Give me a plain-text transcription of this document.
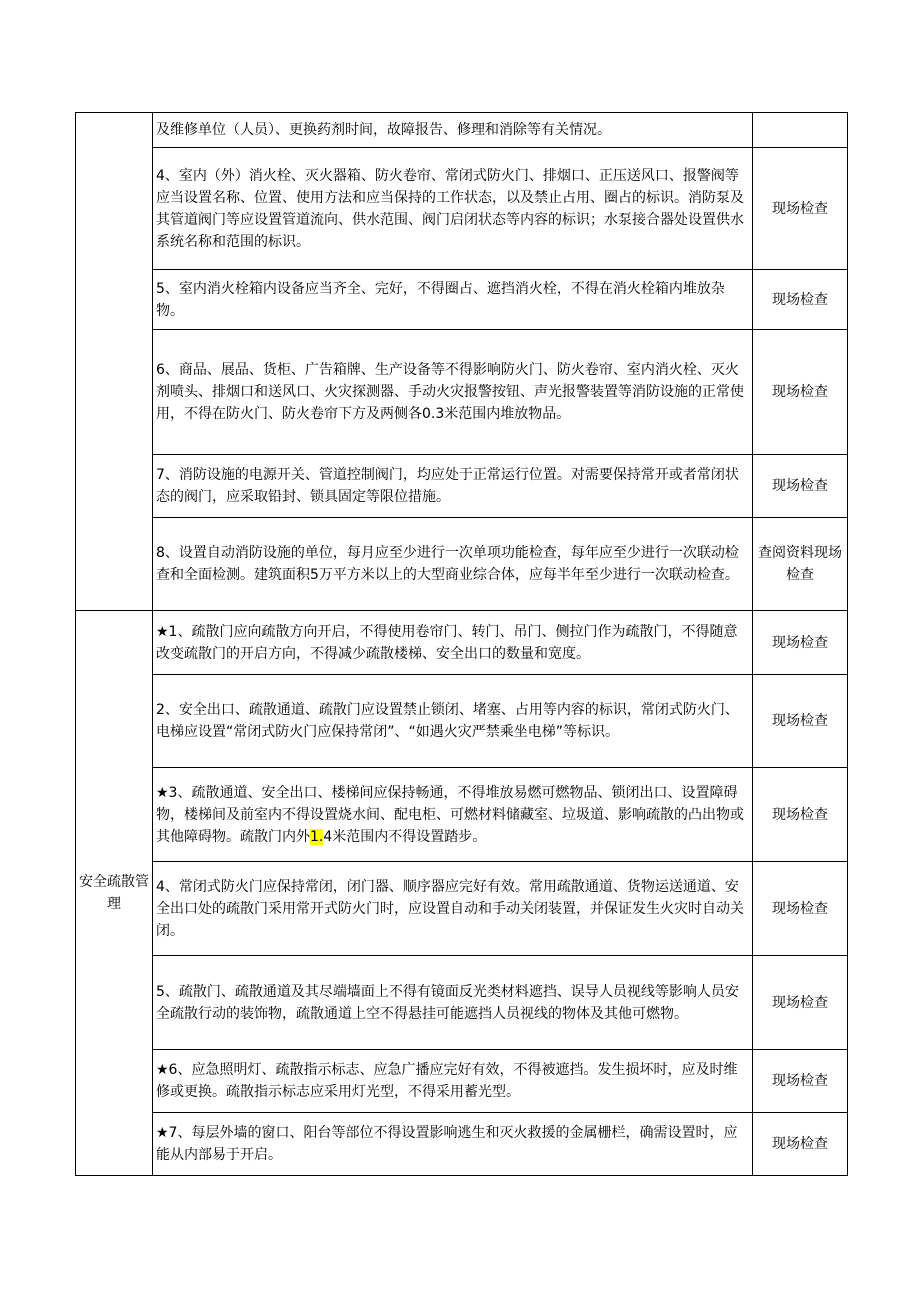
	及维修单位（人员）、更换药剂时间，故障报告、修理和消除等有关情况。	
	4、室内（外）消火栓、灭火器箱、防火卷帘、常闭式防火门、排烟口、正压送风口、报警阀等应当设置名称、位置、使用方法和应当保持的工作状态，以及禁止占用、圈占的标识。消防泵及其管道阀门等应设置管道流向、供水范围、阀门启闭状态等内容的标识；水泵接合器处设置供水系统名称和范围的标识。	现场检查
	5、室内消火栓箱内设备应当齐全、完好，不得圈占、遮挡消火栓，不得在消火栓箱内堆放杂物。	现场检查
	6、商品、展品、货柜、广告箱牌、生产设备等不得影响防火门、防火卷帘、室内消火栓、灭火剂喷头、排烟口和送风口、火灾探测器、手动火灾报警按钮、声光报警装置等消防设施的正常使用，不得在防火门、防火卷帘下方及两侧各0.3米范围内堆放物品。	现场检查
	7、消防设施的电源开关、管道控制阀门，均应处于正常运行位置。对需要保持常开或者常闭状态的阀门，应采取铅封、锁具固定等限位措施。	现场检查
	8、设置自动消防设施的单位，每月应至少进行一次单项功能检查，每年应至少进行一次联动检查和全面检测。建筑面积5万平方米以上的大型商业综合体，应每半年至少进行一次联动检查。	查阅资料现场检查
安全疏散管理	★1、疏散门应向疏散方向开启，不得使用卷帘门、转门、吊门、侧拉门作为疏散门，不得随意改变疏散门的开启方向，不得减少疏散楼梯、安全出口的数量和宽度。	现场检查
	2、安全出口、疏散通道、疏散门应设置禁止锁闭、堵塞、占用等内容的标识，常闭式防火门、电梯应设置“常闭式防火门应保持常闭”、“如遇火灾严禁乘坐电梯”等标识。	现场检查
	★3、疏散通道、安全出口、楼梯间应保持畅通，不得堆放易燃可燃物品、锁闭出口、设置障碍物，楼梯间及前室内不得设置烧水间、配电柜、可燃材料储藏室、垃圾道、影响疏散的凸出物或其他障碍物。疏散门内外1.4米范围内不得设置踏步。	现场检查
	4、常闭式防火门应保持常闭，闭门器、顺序器应完好有效。常用疏散通道、货物运送通道、安全出口处的疏散门采用常开式防火门时，应设置自动和手动关闭装置，并保证发生火灾时自动关闭。	现场检查
	5、疏散门、疏散通道及其尽端墙面上不得有镜面反光类材料遮挡、误导人员视线等影响人员安全疏散行动的装饰物，疏散通道上空不得悬挂可能遮挡人员视线的物体及其他可燃物。	现场检查
	★6、应急照明灯、疏散指示标志、应急广播应完好有效，不得被遮挡。发生损坏时，应及时维修或更换。疏散指示标志应采用灯光型，不得采用蓄光型。	现场检查
	★7、每层外墙的窗口、阳台等部位不得设置影响逃生和灭火救援的金属栅栏，确需设置时，应能从内部易于开启。	现场检查
